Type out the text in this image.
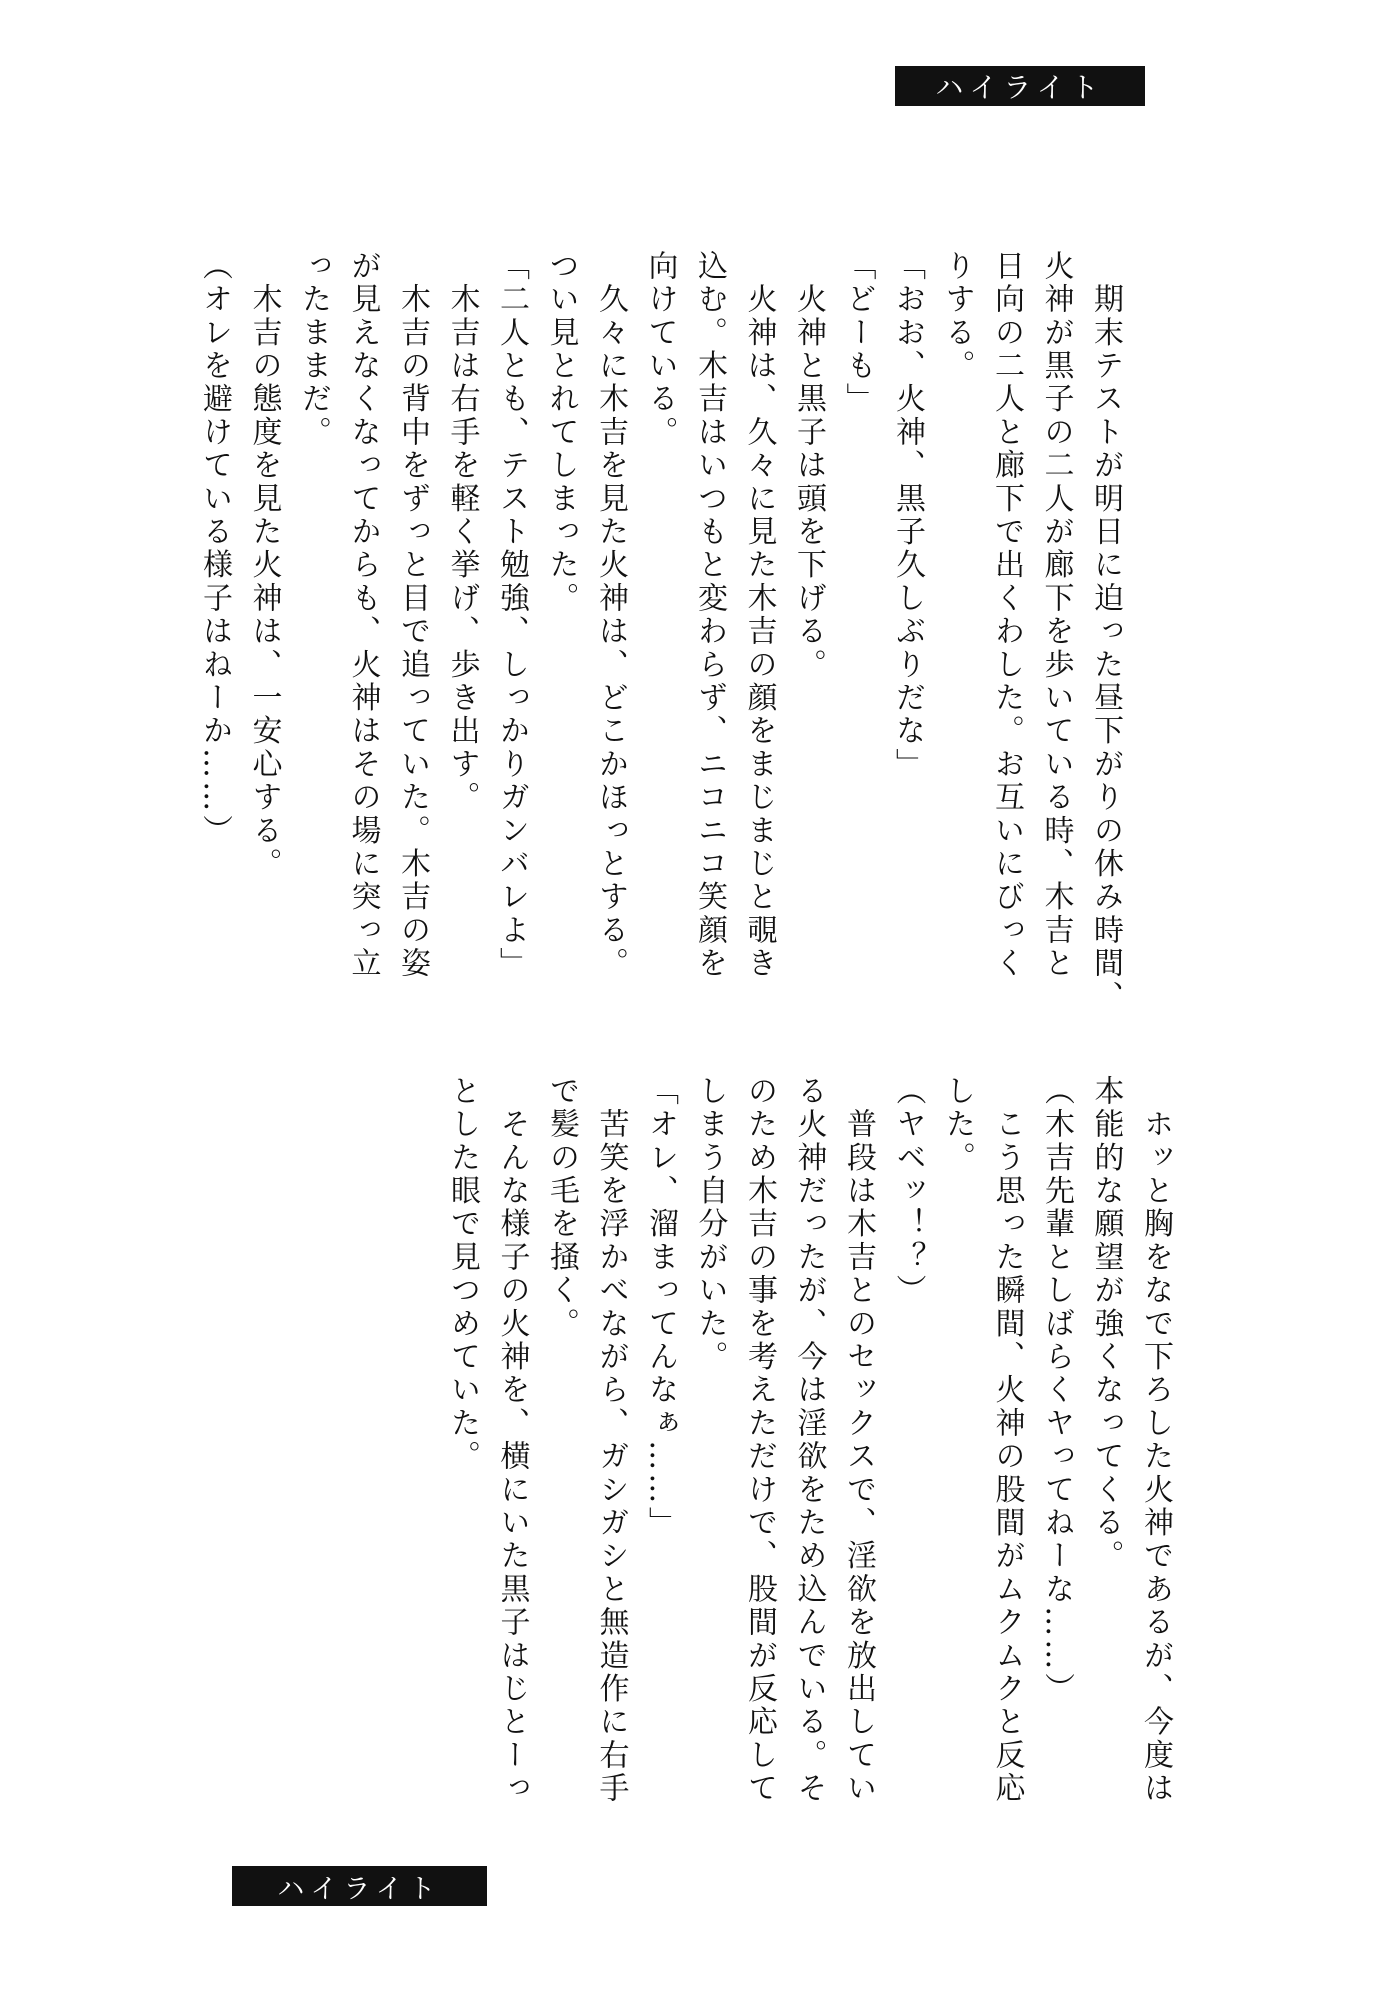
ハイライト
　期末テストが明日に迫った昼下がりの休み時間、
火神が黒子の二人が廊下を歩いている時、木吉と
日向の二人と廊下で出くわした。お互いにびっく
りする。
「おお、火神、黒子久しぶりだな」
「どーも」
　火神と黒子は頭を下げる。
　火神は、久々に見た木吉の顔をまじまじと覗き
込む。木吉はいつもと変わらず、ニコニコ笑顔を
向けている。
　久々に木吉を見た火神は、どこかほっとする。
つい見とれてしまった。
「二人とも、テスト勉強、しっかりガンバレよ」
　木吉は右手を軽く挙げ、歩き出す。
　木吉の背中をずっと目で追っていた。木吉の姿
が見えなくなってからも、火神はその場に突っ立
ったままだ。
　木吉の態度を見た火神は、一安心する。
（オレを避けている様子はねーか……）
　ホッと胸をなで下ろした火神であるが、今度は
本能的な願望が強くなってくる。
（木吉先輩としばらくヤってねーな……）
　こう思った瞬間、火神の股間がムクムクと反応
した。
（ヤベッ！？）
　普段は木吉とのセックスで、淫欲を放出してい
る火神だったが、今は淫欲をため込んでいる。そ
のため木吉の事を考えただけで、股間が反応して
しまう自分がいた。
「オレ、溜まってんなぁ……」
　苦笑を浮かべながら、ガシガシと無造作に右手
で髪の毛を掻く。
　そんな様子の火神を、横にいた黒子はじとーっ
とした眼で見つめていた。
ハイライト
